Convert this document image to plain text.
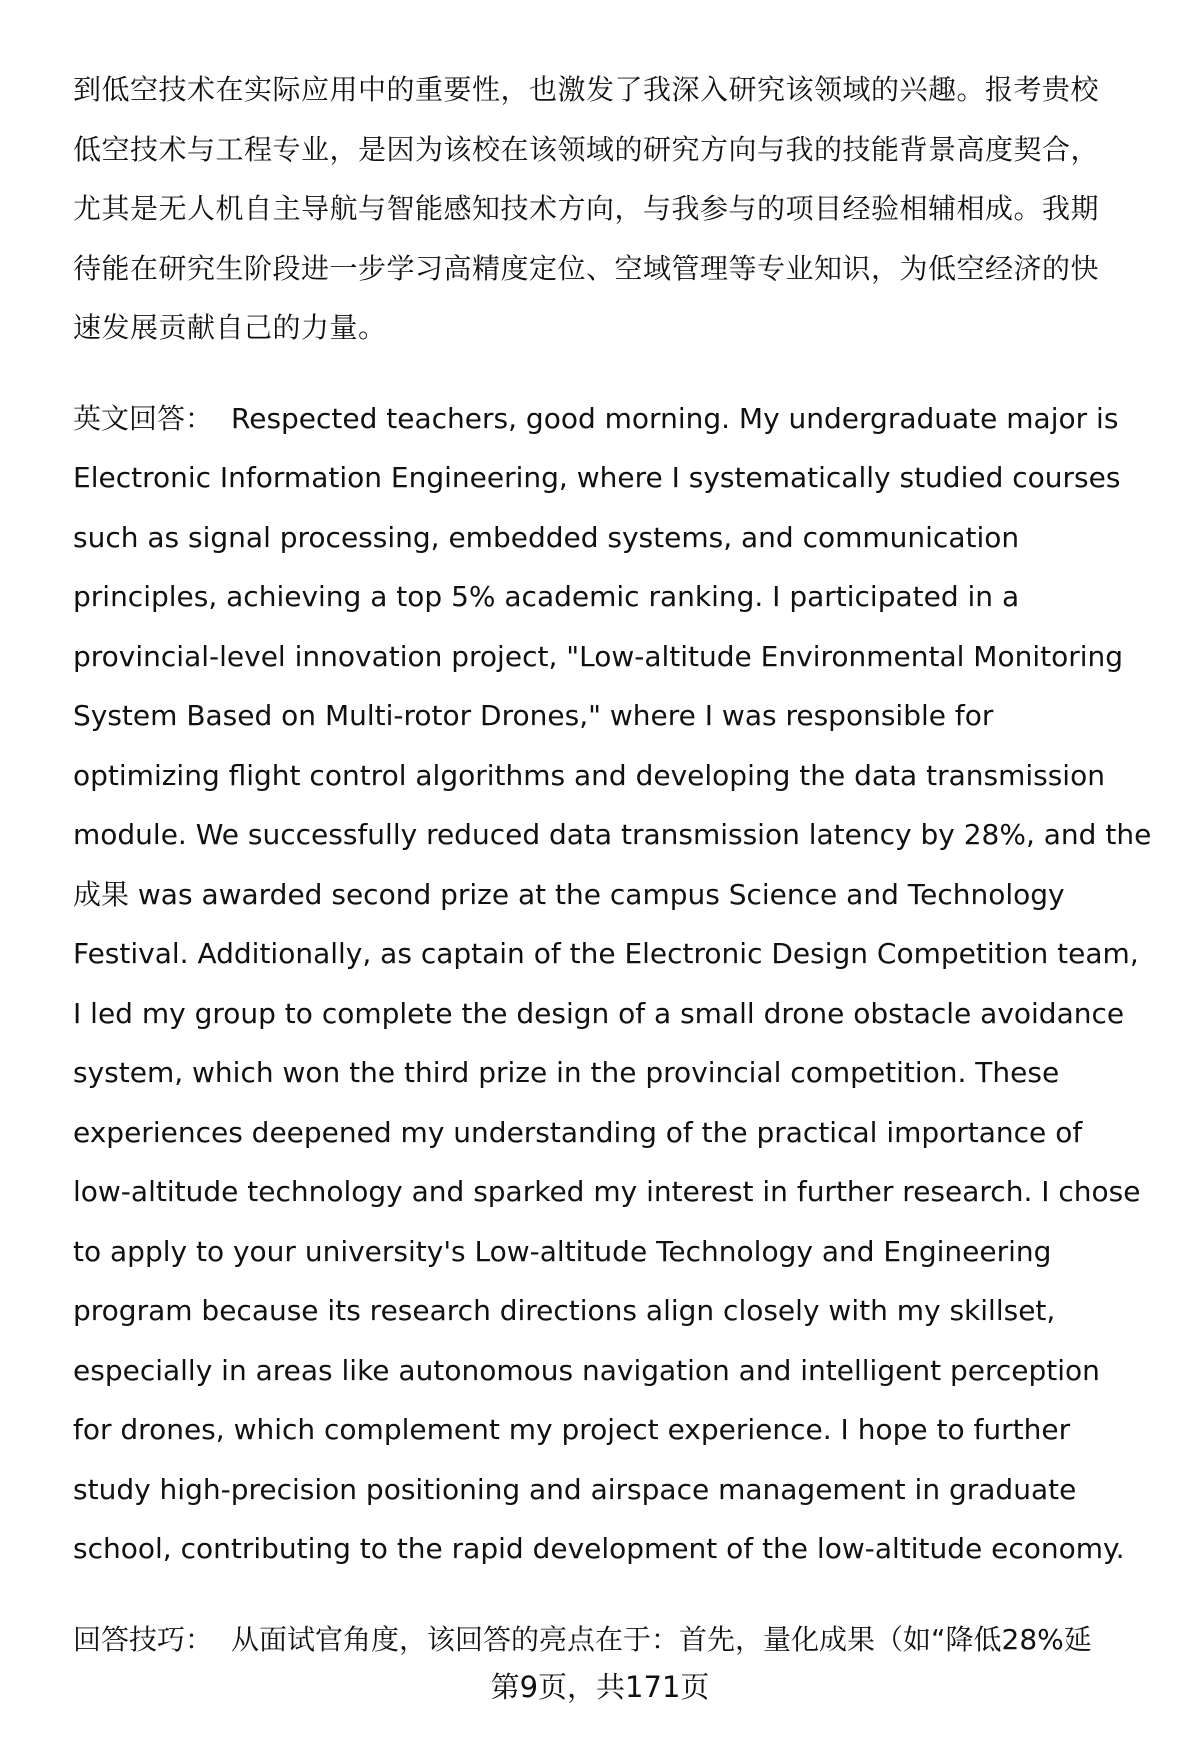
到低空技术在实际应用中的重要性，也激发了我深入研究该领域的兴趣。报考贵校
低空技术与工程专业，是因为该校在该领域的研究方向与我的技能背景高度契合，
尤其是无人机自主导航与智能感知技术方向，与我参与的项目经验相辅相成。我期
待能在研究生阶段进一步学习高精度定位、空域管理等专业知识，为低空经济的快
速发展贡献自己的力量。

英文回答： Respected teachers, good morning. My undergraduate major is
Electronic Information Engineering, where I systematically studied courses
such as signal processing, embedded systems, and communication
principles, achieving a top 5% academic ranking. I participated in a
provincial-level innovation project, "Low-altitude Environmental Monitoring
System Based on Multi-rotor Drones," where I was responsible for
optimizing flight control algorithms and developing the data transmission
module. We successfully reduced data transmission latency by 28%, and the
成果 was awarded second prize at the campus Science and Technology
Festival. Additionally, as captain of the Electronic Design Competition team,
I led my group to complete the design of a small drone obstacle avoidance
system, which won the third prize in the provincial competition. These
experiences deepened my understanding of the practical importance of
low-altitude technology and sparked my interest in further research. I chose
to apply to your university's Low-altitude Technology and Engineering
program because its research directions align closely with my skillset,
especially in areas like autonomous navigation and intelligent perception
for drones, which complement my project experience. I hope to further
study high-precision positioning and airspace management in graduate
school, contributing to the rapid development of the low-altitude economy.

回答技巧： 从面试官角度，该回答的亮点在于：首先，量化成果（如“降低28%延

第9页，共171页
